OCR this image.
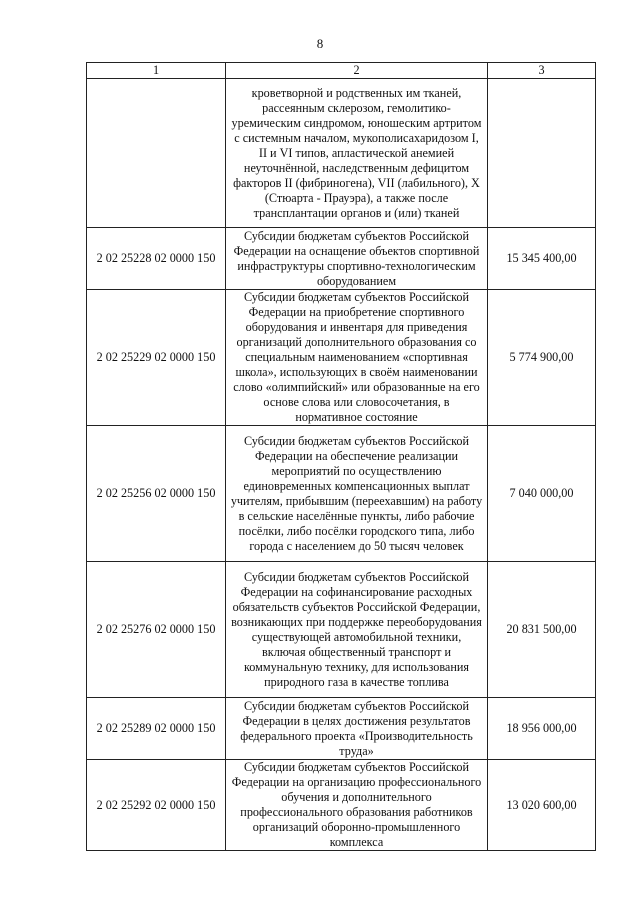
8
1	2	3
	кроветворной и родственных им тканей, рассеянным склерозом, гемолитико-уремическим синдромом, юношеским артритом с системным началом, мукополисахаридозом I, II и VI типов, апластической анемией неуточнённой, наследственным дефицитом факторов II (фибриногена), VII (лабильного), X (Стюарта - Прауэра), а также после трансплантации органов и (или) тканей	
2 02 25228 02 0000 150	Субсидии бюджетам субъектов Российской Федерации на оснащение объектов спортивной инфраструктуры спортивно-технологическим оборудованием	15 345 400,00
2 02 25229 02 0000 150	Субсидии бюджетам субъектов Российской Федерации на приобретение спортивного оборудования и инвентаря для приведения организаций дополнительного образования со специальным наименованием «спортивная школа», использующих в своём наименовании слово «олимпийский» или образованные на его основе слова или словосочетания, в нормативное состояние	5 774 900,00
2 02 25256 02 0000 150	Субсидии бюджетам субъектов Российской Федерации на обеспечение реализации мероприятий по осуществлению единовременных компенсационных выплат учителям, прибывшим (переехавшим) на работу в сельские населённые пункты, либо рабочие посёлки, либо посёлки городского типа, либо города с населением до 50 тысяч человек	7 040 000,00
2 02 25276 02 0000 150	Субсидии бюджетам субъектов Российской Федерации на софинансирование расходных обязательств субъектов Российской Федерации, возникающих при поддержке переоборудования существующей автомобильной техники, включая общественный транспорт и коммунальную технику, для использования природного газа в качестве топлива	20 831 500,00
2 02 25289 02 0000 150	Субсидии бюджетам субъектов Российской Федерации в целях достижения результатов федерального проекта «Производительность труда»	18 956 000,00
2 02 25292 02 0000 150	Субсидии бюджетам субъектов Российской Федерации на организацию профессионального обучения и дополнительного профессионального образования работников организаций оборонно-промышленного комплекса	13 020 600,00
